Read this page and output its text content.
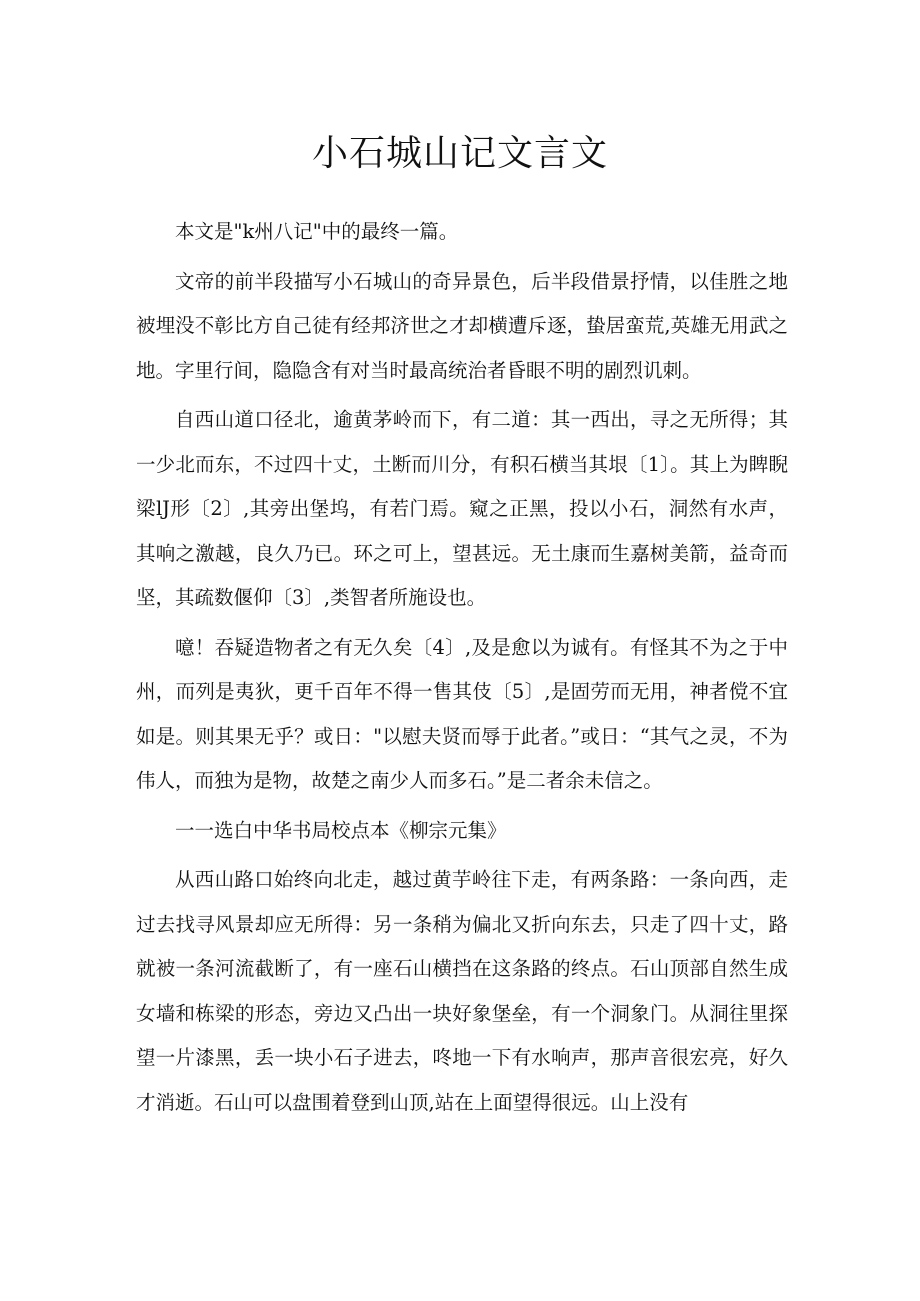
小石城山记文言文

本文是"k州八记"中的最终一篇。

文帝的前半段描写小石城山的奇异景色，后半段借景抒情，以佳胜之地被埋没不彰比方自己徒有经邦济世之才却横遭斥逐，蛰居蛮荒,英雄无用武之地。字里行间，隐隐含有对当时最高统治者昏眼不明的剧烈讥刺。

自西山道口径北，逾黄茅岭而下，有二道：其一西出，寻之无所得；其一少北而东，不过四十丈，土断而川分，有积石横当其垠〔1〕。其上为睥睨梁lJ形〔2〕,其旁出堡坞，有若门焉。窥之正黑，投以小石，洞然有水声，其响之激越，良久乃已。环之可上，望甚远。无土康而生嘉树美箭，益奇而坚，其疏数偃仰〔3〕,类智者所施设也。

噫！吞疑造物者之有无久矣〔4〕,及是愈以为诚有。有怪其不为之于中州，而列是夷狄，更千百年不得一售其伎〔5〕,是固劳而无用，神者傥不宜如是。则其果无乎？或日："以慰夫贤而辱于此者。”或日：“其气之灵，不为伟人，而独为是物，故楚之南少人而多石。”是二者余未信之。

一一选白中华书局校点本《柳宗元集》

从西山路口始终向北走，越过黄芋岭往下走，有两条路：一条向西，走过去找寻风景却应无所得：另一条稍为偏北又折向东去，只走了四十丈，路就被一条河流截断了，有一座石山横挡在这条路的终点。石山顶部自然生成女墙和栋梁的形态，旁边又凸出一块好象堡垒，有一个洞象门。从洞往里探望一片漆黑，丢一块小石子进去，咚地一下有水响声，那声音很宏亮，好久才消逝。石山可以盘围着登到山顶,站在上面望得很远。山上没有
